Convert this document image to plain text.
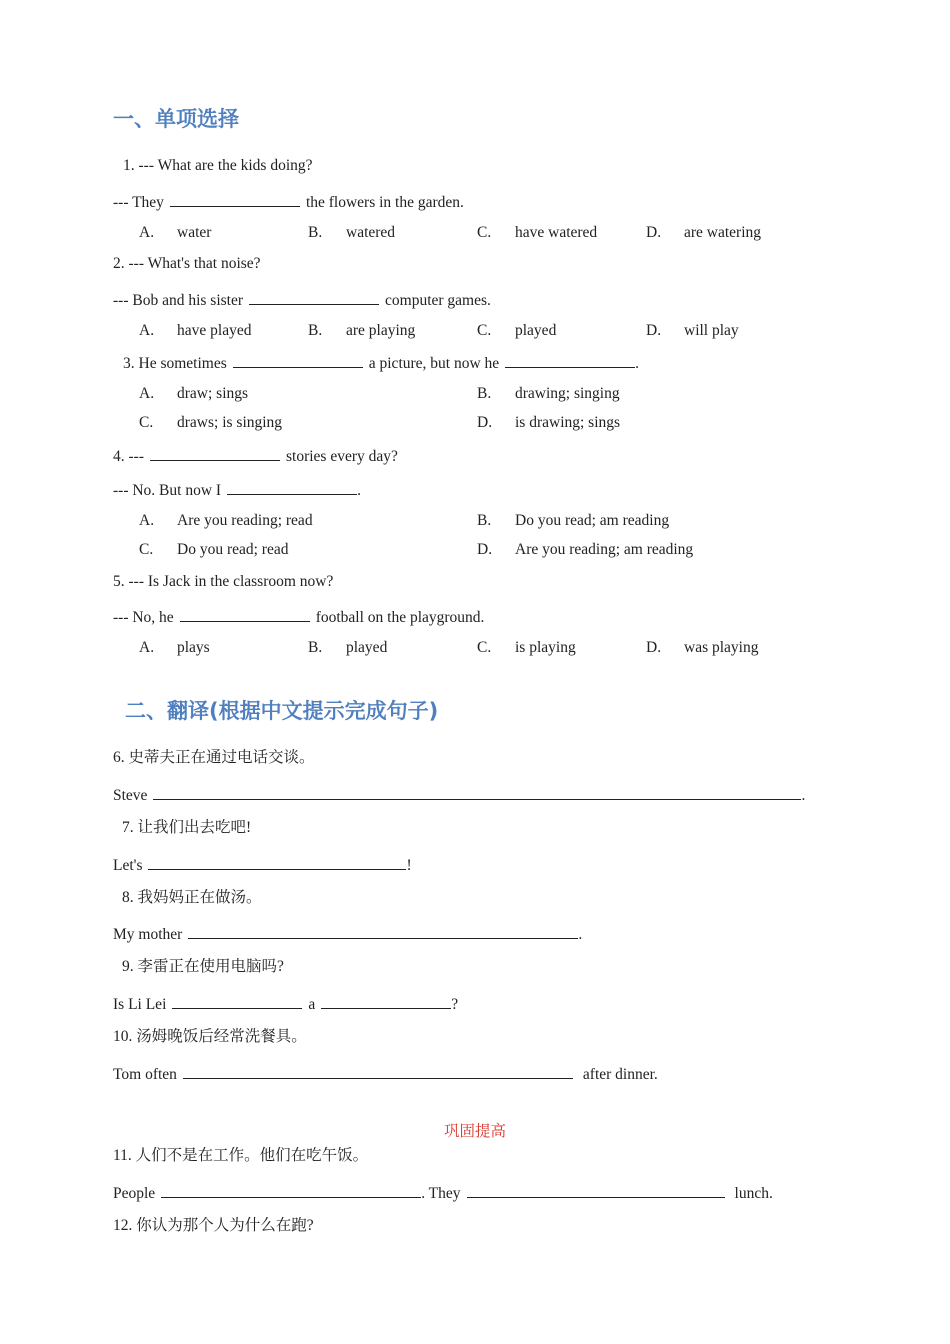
一、单项选择
1. --- What are the kids doing?
--- They	the flowers in the garden.
A. water	B. watered	C. have watered	D. are watering
2. --- What's that noise?
--- Bob and his sister	computer games.
A. have played	B. are playing	C. played	D. will play
3. He sometimes	a picture, but now he	.
A. draw; sings	B. drawing; singing
C. draws; is singing	D. is drawing; sings
4. ---	stories every day?
--- No. But now I	.
A. Are you reading; read	B. Do you read; am reading
C. Do you read; read	D. Are you reading; am reading
5. --- Is Jack in the classroom now?
--- No, he	football on the playground.
A. plays	B. played	C. is playing	D. was playing
二、翻译(根据中文提示完成句子)
6. 史蒂夫正在通过电话交谈。
Steve	.
7. 让我们出去吃吧!
Let's	!
8. 我妈妈正在做汤。
My mother	.
9. 李雷正在使用电脑吗?
Is Li Lei	a	?
10. 汤姆晚饭后经常洗餐具。
Tom often	after dinner.
巩固提高
11. 人们不是在工作。他们在吃午饭。
People	. They	lunch.
12. 你认为那个人为什么在跑?
